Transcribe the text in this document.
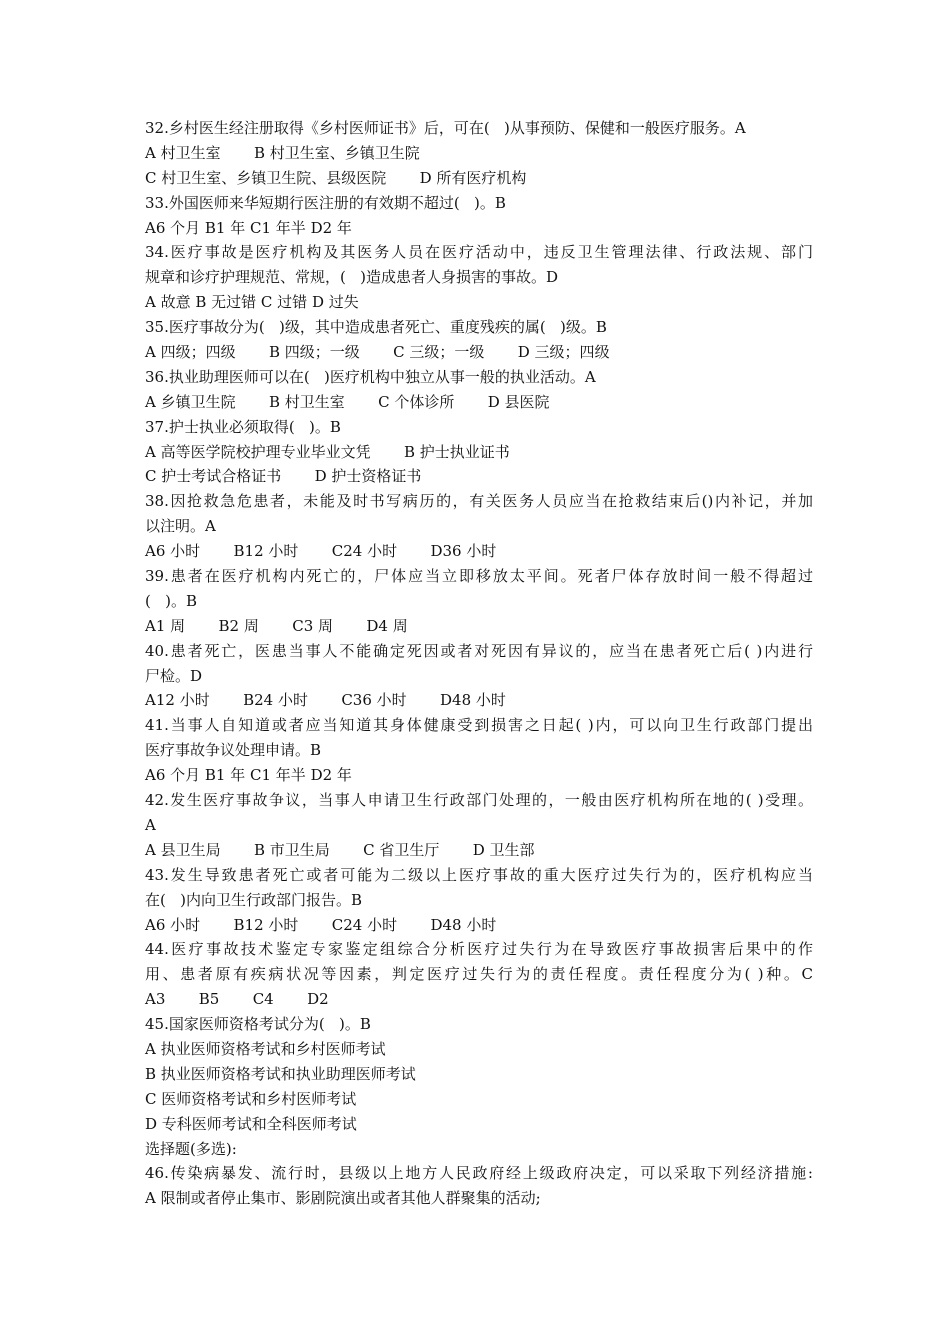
32.乡村医生经注册取得《乡村医师证书》后，可在(   )从事预防、保健和一般医疗服务。A
A 村卫生室       B 村卫生室、乡镇卫生院
C 村卫生室、乡镇卫生院、县级医院       D 所有医疗机构
33.外国医师来华短期行医注册的有效期不超过(   )。B
A6 个月 B1 年 C1 年半 D2 年
34.医疗事故是医疗机构及其医务人员在医疗活动中，违反卫生管理法律、行政法规、部门
规章和诊疗护理规范、常规，(   )造成患者人身损害的事故。D
A 故意 B 无过错 C 过错 D 过失
35.医疗事故分为(   )级，其中造成患者死亡、重度残疾的属(   )级。B
A 四级；四级       B 四级；一级       C 三级；一级       D 三级；四级
36.执业助理医师可以在(   )医疗机构中独立从事一般的执业活动。A
A 乡镇卫生院       B 村卫生室       C 个体诊所       D 县医院
37.护士执业必须取得(   )。B
A 高等医学院校护理专业毕业文凭       B 护士执业证书
C 护士考试合格证书       D 护士资格证书
38.因抢救急危患者，未能及时书写病历的，有关医务人员应当在抢救结束后()内补记，并加
以注明。A
A6 小时       B12 小时       C24 小时       D36 小时
39.患者在医疗机构内死亡的，尸体应当立即移放太平间。死者尸体存放时间一般不得超过
(   )。B
A1 周       B2 周       C3 周       D4 周
40.患者死亡，医患当事人不能确定死因或者对死因有异议的，应当在患者死亡后( )内进行
尸检。D
A12 小时       B24 小时       C36 小时       D48 小时
41.当事人自知道或者应当知道其身体健康受到损害之日起( )内，可以向卫生行政部门提出
医疗事故争议处理申请。B
A6 个月 B1 年 C1 年半 D2 年
42.发生医疗事故争议，当事人申请卫生行政部门处理的，一般由医疗机构所在地的( )受理。
A
A 县卫生局       B 市卫生局       C 省卫生厅       D 卫生部
43.发生导致患者死亡或者可能为二级以上医疗事故的重大医疗过失行为的，医疗机构应当
在(   )内向卫生行政部门报告。B
A6 小时       B12 小时       C24 小时       D48 小时
44.医疗事故技术鉴定专家鉴定组综合分析医疗过失行为在导致医疗事故损害后果中的作
用、患者原有疾病状况等因素，判定医疗过失行为的责任程度。责任程度分为( )种。C
A3       B5       C4       D2
45.国家医师资格考试分为(   )。B
A 执业医师资格考试和乡村医师考试
B 执业医师资格考试和执业助理医师考试
C 医师资格考试和乡村医师考试
D 专科医师考试和全科医师考试
选择题(多选):
46.传染病暴发、流行时，县级以上地方人民政府经上级政府决定，可以采取下列经济措施:
A 限制或者停止集市、影剧院演出或者其他人群聚集的活动;
